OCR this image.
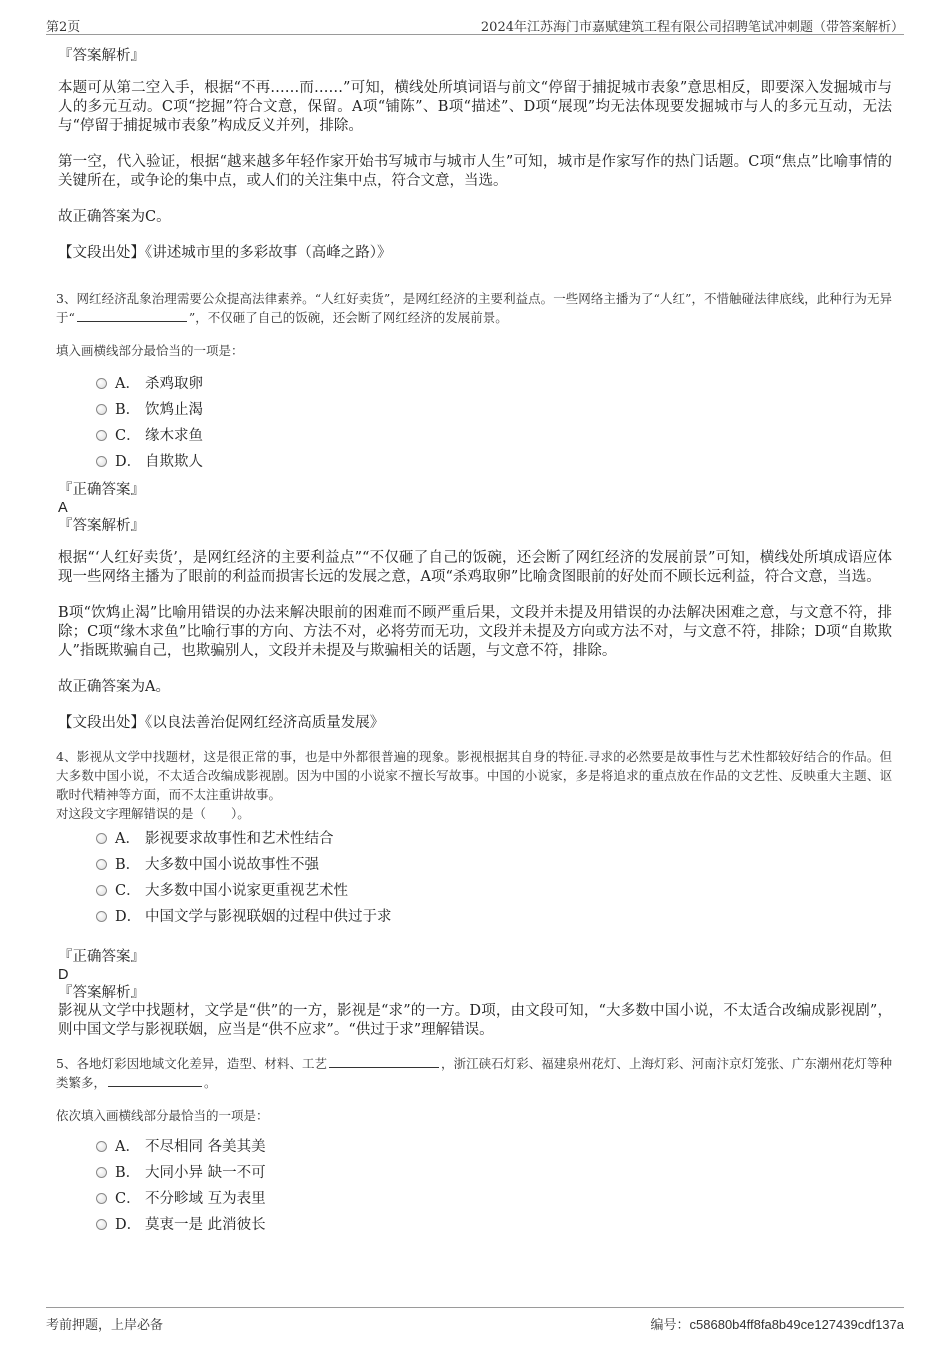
第2页	2024年江苏海门市嘉赋建筑工程有限公司招聘笔试冲刺题（带答案解析）
『答案解析』

本题可从第二空入手，根据“不再……而……”可知，横线处所填词语与前文“停留于捕捉城市表象”意思相反，即要深入发掘城市与人的多元互动。C项“挖掘”符合文意，保留。A项“铺陈”、B项“描述”、D项“展现”均无法体现要发掘城市与人的多元互动，无法与“停留于捕捉城市表象”构成反义并列，排除。

第一空，代入验证，根据“越来越多年轻作家开始书写城市与城市人生”可知，城市是作家写作的热门话题。C项“焦点”比喻事情的关键所在，或争论的集中点，或人们的关注集中点，符合文意，当选。

故正确答案为C。

【文段出处】《讲述城市里的多彩故事（高峰之路）》

3、网红经济乱象治理需要公众提高法律素养。“人红好卖货”，是网红经济的主要利益点。一些网络主播为了“人红”，不惜触碰法律底线，此种行为无异于“	”，不仅砸了自己的饭碗，还会断了网红经济的发展前景。

填入画横线部分最恰当的一项是：

A． 杀鸡取卵
B． 饮鸩止渴
C． 缘木求鱼
D． 自欺欺人
『正确答案』
A
『答案解析』

根据“‘人红好卖货’，是网红经济的主要利益点”“不仅砸了自己的饭碗，还会断了网红经济的发展前景”可知，横线处所填成语应体现一些网络主播为了眼前的利益而损害长远的发展之意，A项“杀鸡取卵”比喻贪图眼前的好处而不顾长远利益，符合文意，当选。

B项“饮鸩止渴”比喻用错误的办法来解决眼前的困难而不顾严重后果，文段并未提及用错误的办法解决困难之意，与文意不符，排除；C项“缘木求鱼”比喻行事的方向、方法不对，必将劳而无功，文段并未提及方向或方法不对，与文意不符，排除；D项“自欺欺人”指既欺骗自己，也欺骗别人，文段并未提及与欺骗相关的话题，与文意不符，排除。

故正确答案为A。

【文段出处】《以良法善治促网红经济高质量发展》

4、影视从文学中找题材，这是很正常的事，也是中外都很普遍的现象。影视根据其自身的特征.寻求的必然要是故事性与艺术性都较好结合的作品。但大多数中国小说，不太适合改编成影视剧。因为中国的小说家不擅长写故事。中国的小说家，多是将追求的重点放在作品的文艺性、反映重大主题、讴歌时代精神等方面，而不太注重讲故事。

对这段文字理解错误的是（　　）。

A． 影视要求故事性和艺术性结合
B． 大多数中国小说故事性不强
C． 大多数中国小说家更重视艺术性
D． 中国文学与影视联姻的过程中供过于求
『正确答案』
D
『答案解析』

影视从文学中找题材，文学是“供”的一方，影视是“求”的一方。D项，由文段可知，“大多数中国小说，不太适合改编成影视剧”，则中国文学与影视联姻，应当是“供不应求”。“供过于求”理解错误。

5、各地灯彩因地域文化差异，造型、材料、工艺	，浙江硖石灯彩、福建泉州花灯、上海灯彩、河南汴京灯笼张、广东潮州花灯等种类繁多，	。

依次填入画横线部分最恰当的一项是：

A． 不尽相同 各美其美
B． 大同小异 缺一不可
C． 不分畛域 互为表里
D． 莫衷一是 此消彼长
考前押题，上岸必备	编号：c58680b4ff8fa8b49ce127439cdf137a
